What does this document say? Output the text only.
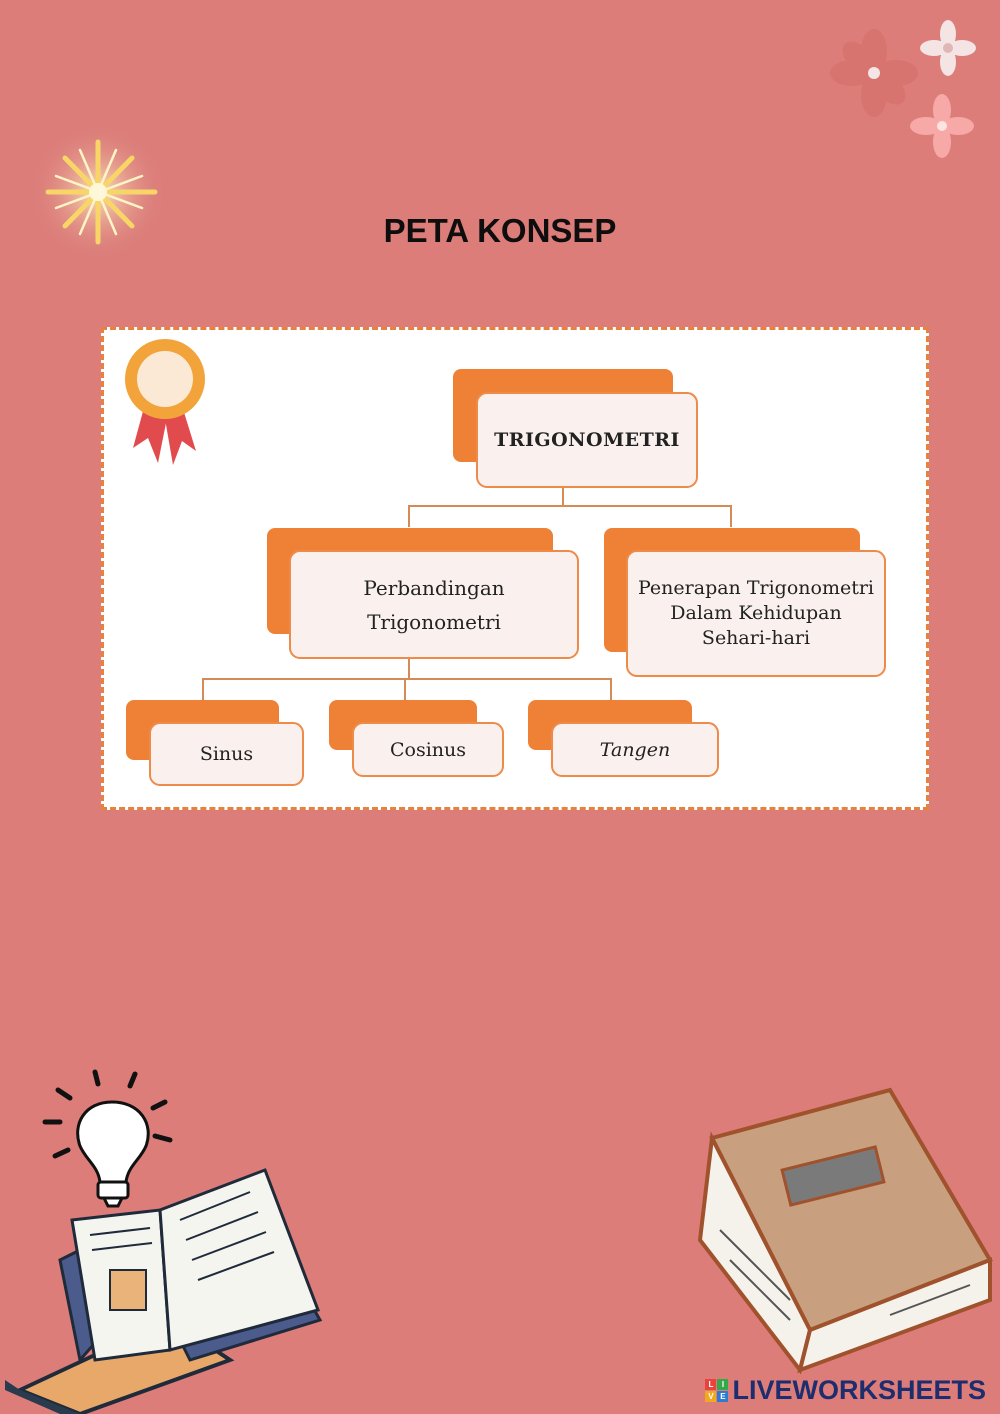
PETA KONSEP
TRIGONOMETRI
Perbandingan
Trigonometri
Penerapan Trigonometri
Dalam Kehidupan
Sehari-hari
Sinus	Cosinus	Tangen
L	I
V E LIVEWORKSHEETS
